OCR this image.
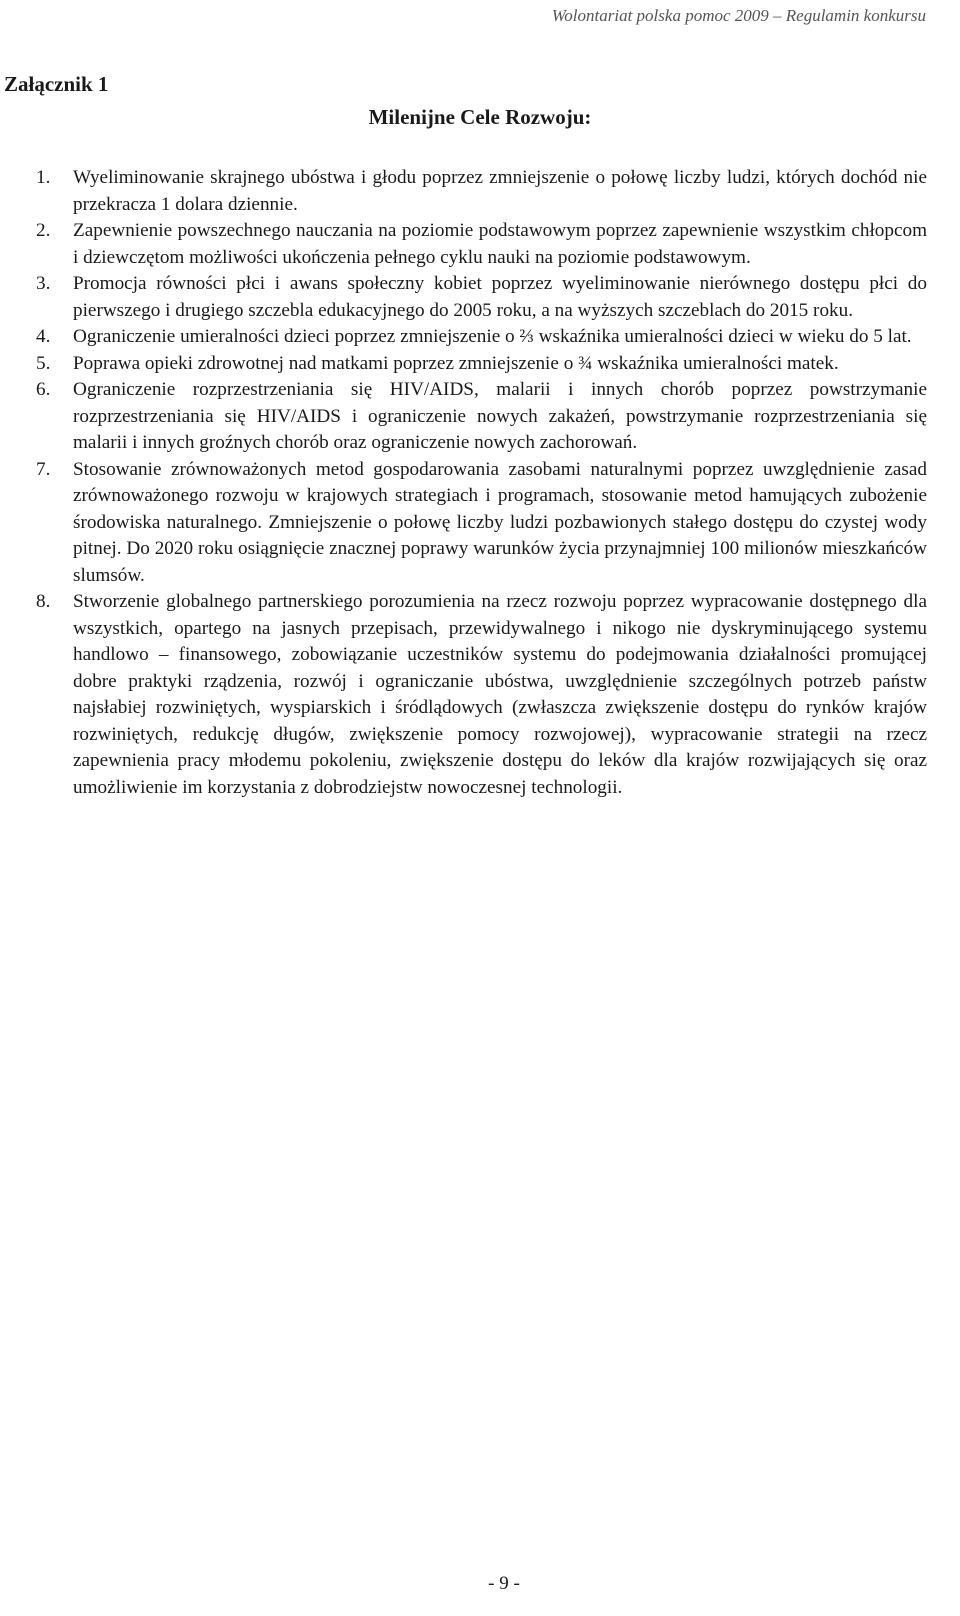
Wolontariat polska pomoc 2009 – Regulamin konkursu
Załącznik 1
Milenijne Cele Rozwoju:
1. Wyeliminowanie skrajnego ubóstwa i głodu poprzez zmniejszenie o połowę liczby ludzi, których dochód nie przekracza 1 dolara dziennie.
2. Zapewnienie powszechnego nauczania na poziomie podstawowym poprzez zapewnienie wszystkim chłopcom i dziewczętom możliwości ukończenia pełnego cyklu nauki na poziomie podstawowym.
3. Promocja równości płci i awans społeczny kobiet poprzez wyeliminowanie nierównego dostępu płci do pierwszego i drugiego szczebla edukacyjnego do 2005 roku, a na wyższych szczeblach do 2015 roku.
4. Ograniczenie umieralności dzieci poprzez zmniejszenie o ⅔ wskaźnika umieralności dzieci w wieku do 5 lat.
5. Poprawa opieki zdrowotnej nad matkami poprzez zmniejszenie o ¾ wskaźnika umieralności matek.
6. Ograniczenie rozprzestrzeniania się HIV/AIDS, malarii i innych chorób poprzez powstrzymanie rozprzestrzeniania się HIV/AIDS i ograniczenie nowych zakażeń, powstrzymanie rozprzestrzeniania się malarii i innych groźnych chorób oraz ograniczenie nowych zachorowań.
7. Stosowanie zrównoważonych metod gospodarowania zasobami naturalnymi poprzez uwzględnienie zasad zrównoważonego rozwoju w krajowych strategiach i programach, stosowanie metod hamujących zubożenie środowiska naturalnego. Zmniejszenie o połowę liczby ludzi pozbawionych stałego dostępu do czystej wody pitnej. Do 2020 roku osiągnięcie znacznej poprawy warunków życia przynajmniej 100 milionów mieszkańców slumsów.
8. Stworzenie globalnego partnerskiego porozumienia na rzecz rozwoju poprzez wypracowanie dostępnego dla wszystkich, opartego na jasnych przepisach, przewidywalnego i nikogo nie dyskryminującego systemu handlowo – finansowego, zobowiązanie uczestników systemu do podejmowania działalności promującej dobre praktyki rządzenia, rozwój i ograniczanie ubóstwa, uwzględnienie szczególnych potrzeb państw najsłabiej rozwiniętych, wyspiarskich i śródlądowych (zwłaszcza zwiększenie dostępu do rynków krajów rozwiniętych, redukcję długów, zwiększenie pomocy rozwojowej), wypracowanie strategii na rzecz zapewnienia pracy młodemu pokoleniu, zwiększenie dostępu do leków dla krajów rozwijających się oraz umożliwienie im korzystania z dobrodziejstw nowoczesnej technologii.
- 9 -
